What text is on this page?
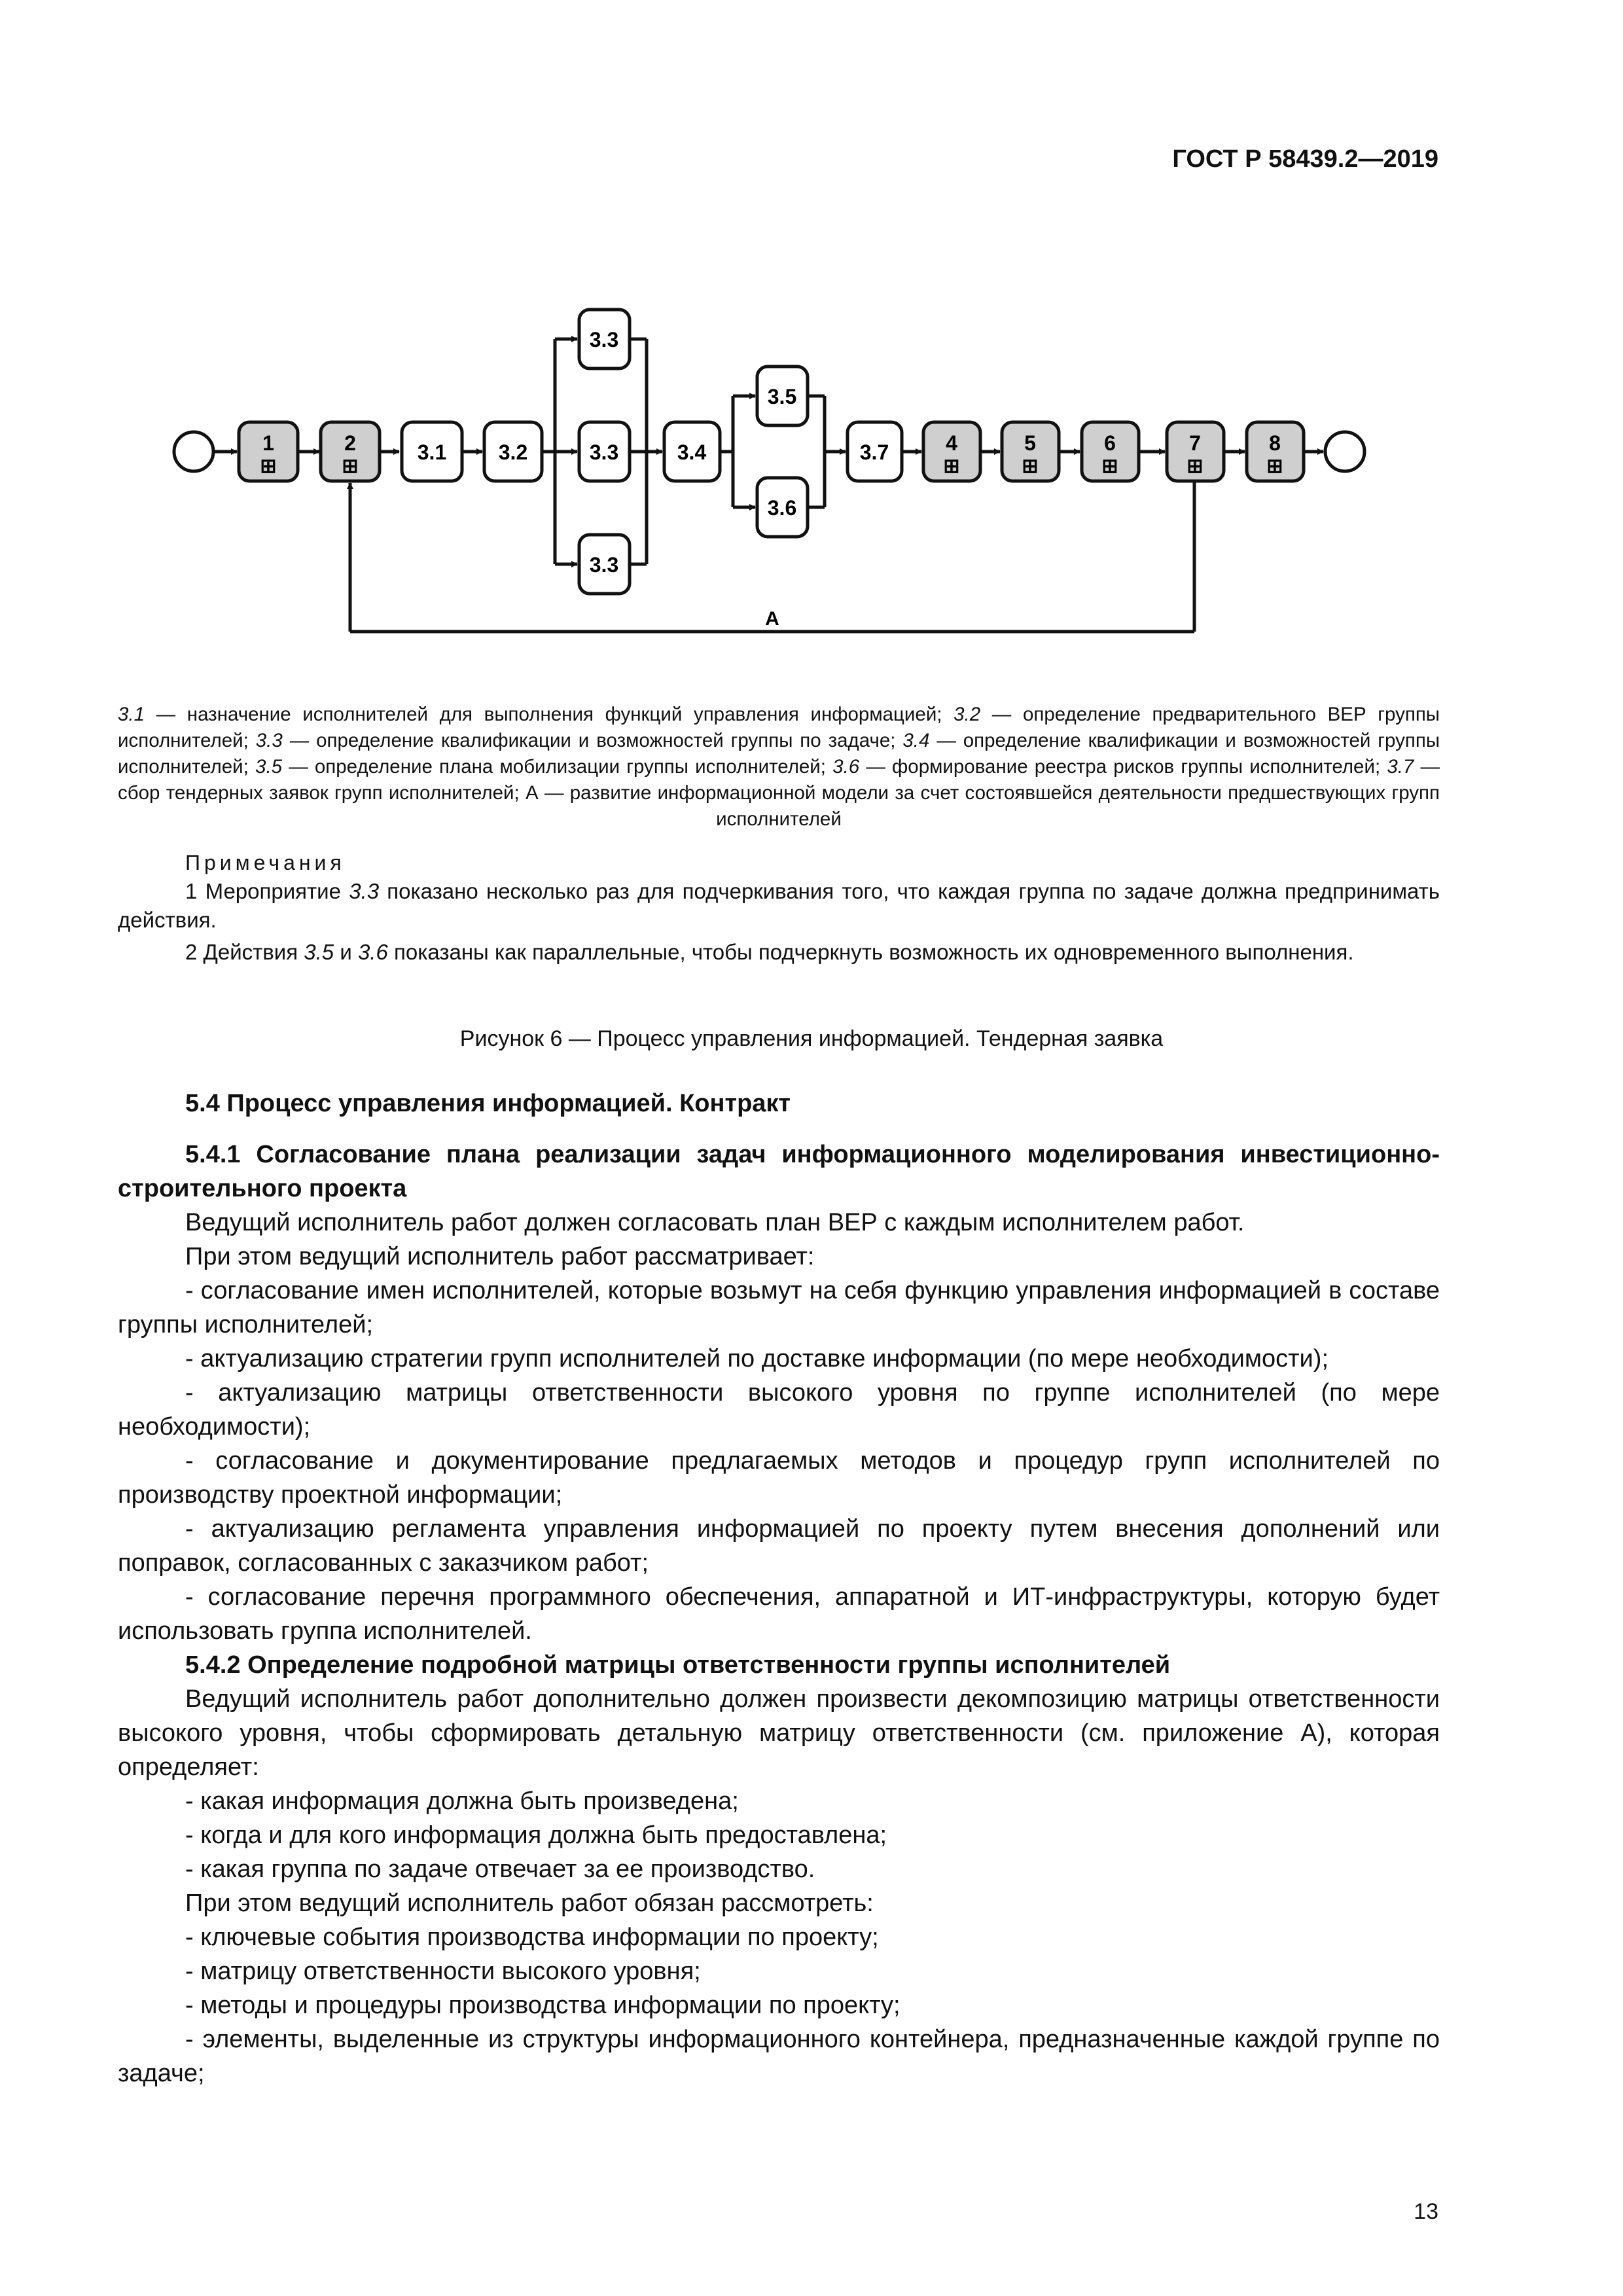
ГОСТ Р 58439.2—2019
1
⊞
2
⊞
3.1 3.2
3.3
3.3
3.3
3.4
3.5
3.6
3.7	4
⊞
5
⊞
6
⊞
7
⊞
8
⊞
A
3.1 — назначение исполнителей для выполнения функций управления информацией; 3.2 — определение предварительного ВЕР группы исполнителей; 3.3 — определение квалификации и возможностей группы по задаче; 3.4 — определение квалификации и возможностей группы исполнителей; 3.5 — определение плана мобилизации группы исполнителей; 3.6 — формирование реестра рисков группы исполнителей; 3.7 — сбор тендерных заявок групп исполнителей; А — развитие информационной модели за счет состоявшейся деятельности предшествующих групп исполнителей
Примечания
1 Мероприятие 3.3 показано несколько раз для подчеркивания того, что каждая группа по задаче должна предпринимать действия.
2 Действия 3.5 и 3.6 показаны как параллельные, чтобы подчеркнуть возможность их одновременного выполнения.
Рисунок 6 — Процесс управления информацией. Тендерная заявка
5.4 Процесс управления информацией. Контракт

5.4.1 Согласование плана реализации задач информационного моделирования инвестиционно-строительного проекта

Ведущий исполнитель работ должен согласовать план ВЕР с каждым исполнителем работ.

При этом ведущий исполнитель работ рассматривает:

- согласование имен исполнителей, которые возьмут на себя функцию управления информацией в составе группы исполнителей;

- актуализацию стратегии групп исполнителей по доставке информации (по мере необходимости);

- актуализацию матрицы ответственности высокого уровня по группе исполнителей (по мере необходимости);

- согласование и документирование предлагаемых методов и процедур групп исполнителей по производству проектной информации;

- актуализацию регламента управления информацией по проекту путем внесения дополнений или поправок, согласованных с заказчиком работ;

- согласование перечня программного обеспечения, аппаратной и ИТ-инфраструктуры, которую будет использовать группа исполнителей.

5.4.2 Определение подробной матрицы ответственности группы исполнителей

Ведущий исполнитель работ дополнительно должен произвести декомпозицию матрицы ответственности высокого уровня, чтобы сформировать детальную матрицу ответственности (см. приложение А), которая определяет:

- какая информация должна быть произведена;

- когда и для кого информация должна быть предоставлена;

- какая группа по задаче отвечает за ее производство.

При этом ведущий исполнитель работ обязан рассмотреть:

- ключевые события производства информации по проекту;

- матрицу ответственности высокого уровня;

- методы и процедуры производства информации по проекту;

- элементы, выделенные из структуры информационного контейнера, предназначенные каждой группе по задаче;

13
